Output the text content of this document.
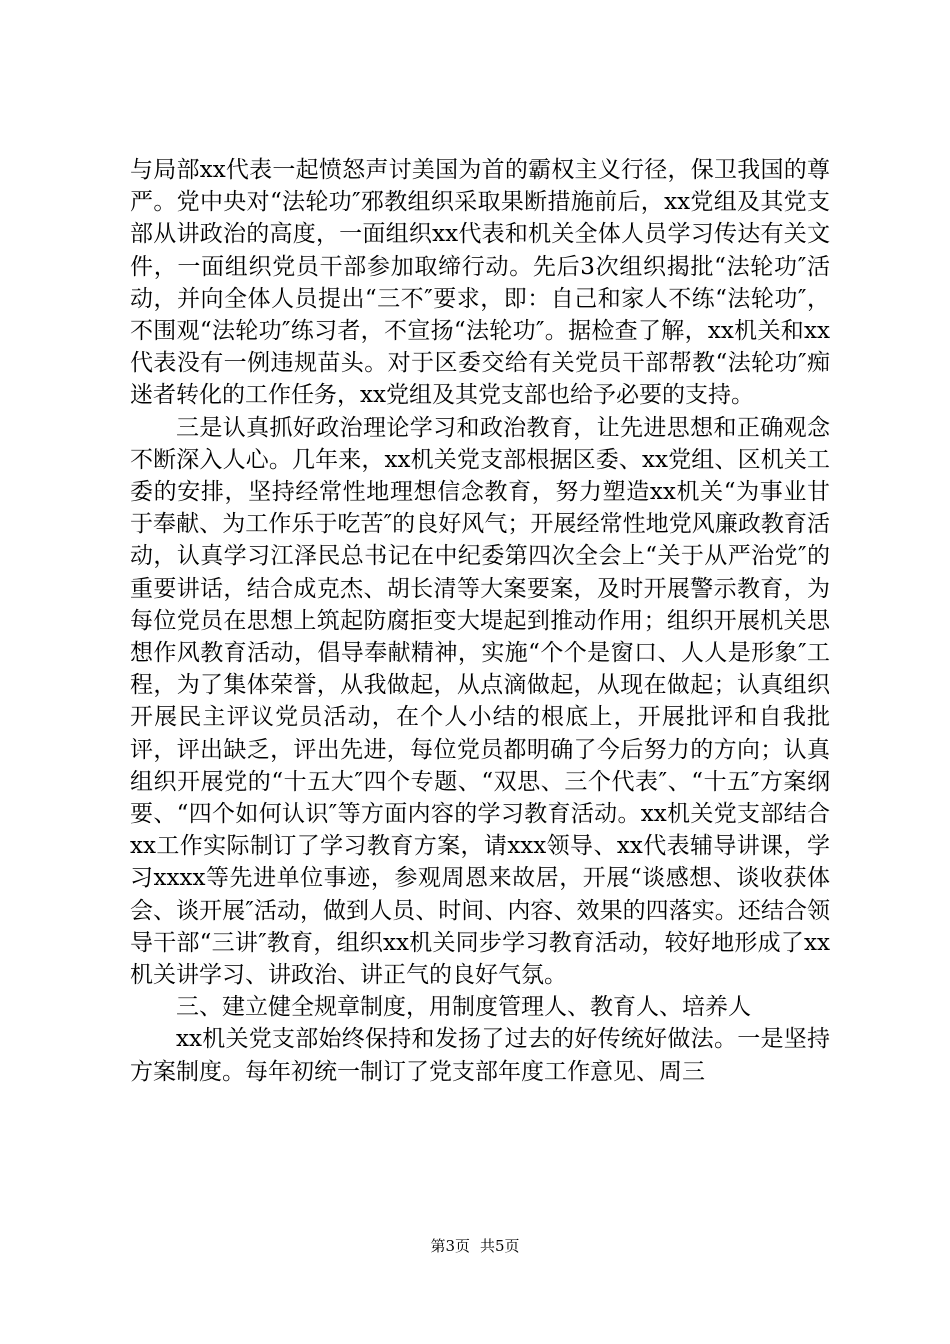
与局部xx代表一起愤怒声讨美国为首的霸权主义行径，保卫我国的尊严。党中央对“法轮功″邪教组织采取果断措施前后，xx党组及其党支部从讲政治的高度，一面组织xx代表和机关全体人员学习传达有关文件，一面组织党员干部参加取缔行动。先后3次组织揭批“法轮功″活动，并向全体人员提出“三不″要求，即：自己和家人不练“法轮功″，不围观“法轮功″练习者，不宣扬“法轮功″。据检查了解，xx机关和xx代表没有一例违规苗头。对于区委交给有关党员干部帮教“法轮功″痴迷者转化的工作任务，xx党组及其党支部也给予必要的支持。

三是认真抓好政治理论学习和政治教育，让先进思想和正确观念不断深入人心。几年来，xx机关党支部根据区委、xx党组、区机关工委的安排，坚持经常性地理想信念教育，努力塑造xx机关“为事业甘于奉献、为工作乐于吃苦″的良好风气；开展经常性地党风廉政教育活动，认真学习江泽民总书记在中纪委第四次全会上“关于从严治党″的重要讲话，结合成克杰、胡长清等大案要案，及时开展警示教育，为每位党员在思想上筑起防腐拒变大堤起到推动作用；组织开展机关思想作风教育活动，倡导奉献精神，实施“个个是窗口、人人是形象″工程，为了集体荣誉，从我做起，从点滴做起，从现在做起；认真组织开展民主评议党员活动，在个人小结的根底上，开展批评和自我批评，评出缺乏，评出先进，每位党员都明确了今后努力的方向；认真组织开展党的“十五大″四个专题、“双思、三个代表″、“十五″方案纲要、“四个如何认识″等方面内容的学习教育活动。xx机关党支部结合xx工作实际制订了学习教育方案，请xxx领导、xx代表辅导讲课，学习xxxx等先进单位事迹，参观周恩来故居，开展“谈感想、谈收获体会、谈开展″活动，做到人员、时间、内容、效果的四落实。还结合领导干部“三讲″教育，组织xx机关同步学习教育活动，较好地形成了xx机关讲学习、讲政治、讲正气的良好气氛。

三、建立健全规章制度，用制度管理人、教育人、培养人

xx机关党支部始终保持和发扬了过去的好传统好做法。一是坚持方案制度。每年初统一制订了党支部年度工作意见、周三

第3页 共5页
